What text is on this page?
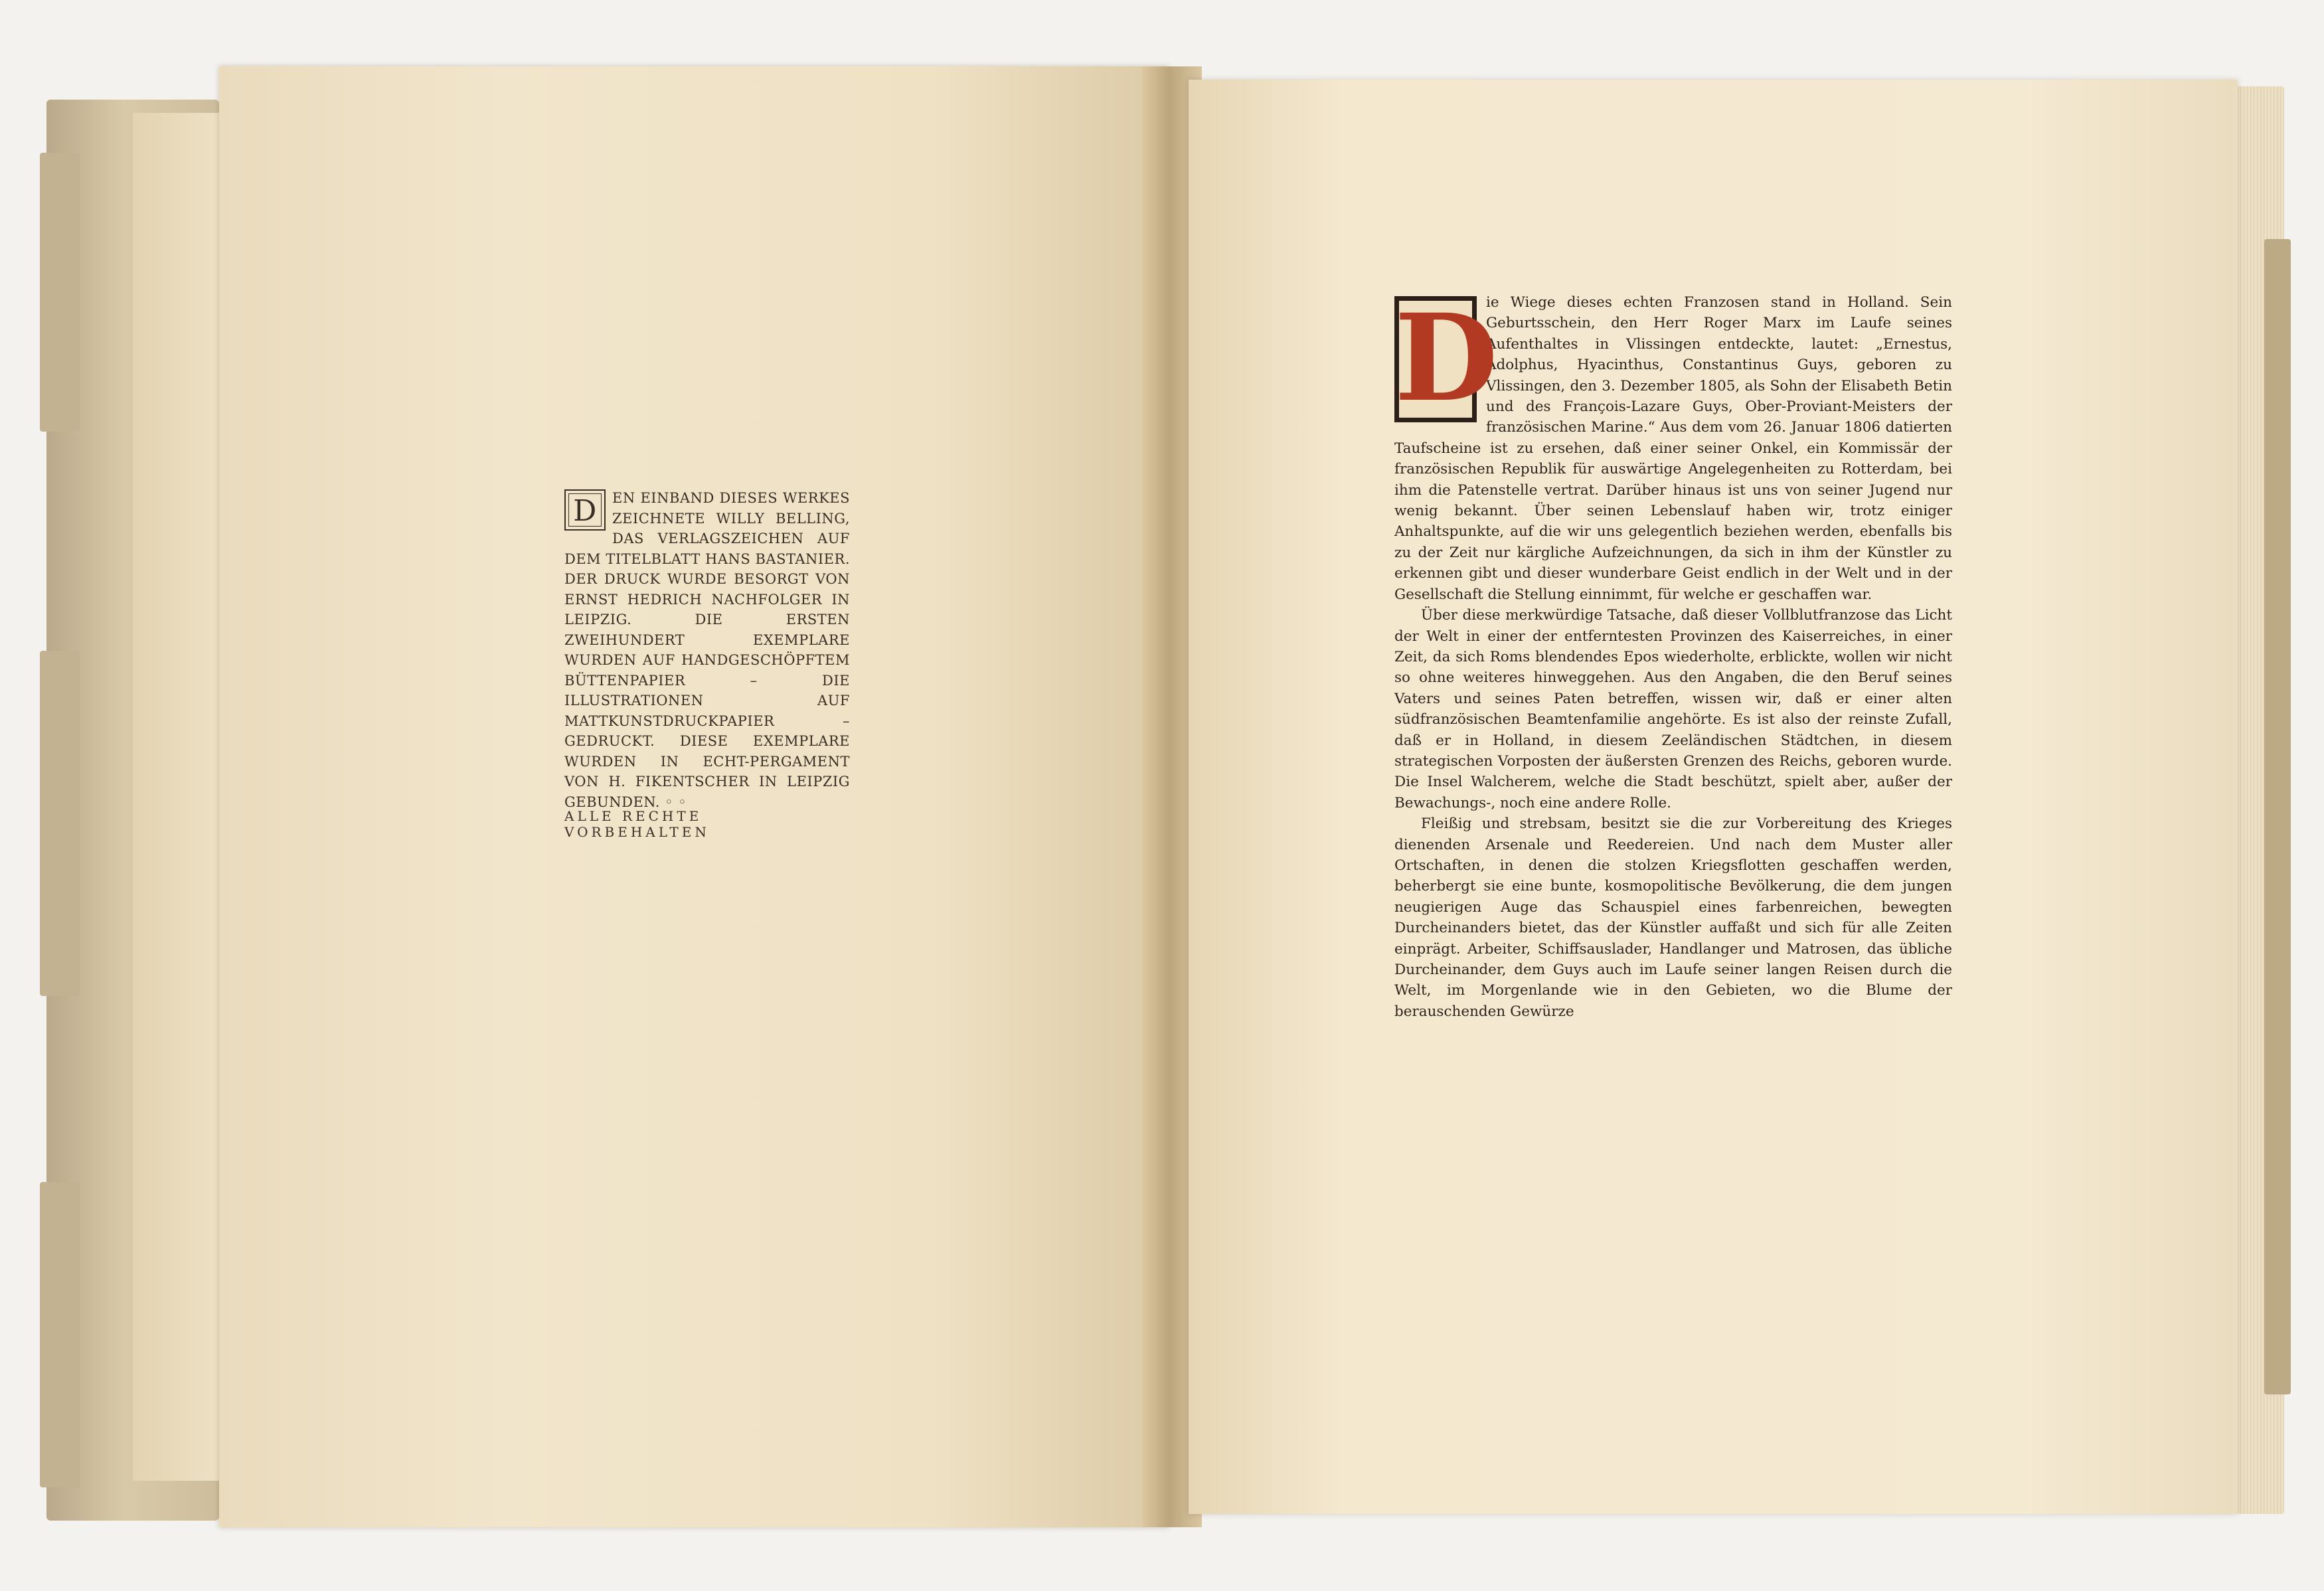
D	EN EINBAND DIESES WERKES ZEICHNETE WILLY BELLING, DAS VERLAGSZEICHEN AUF DEM TITELBLATT HANS BASTANIER. DER DRUCK WURDE BESORGT VON ERNST HEDRICH NACHFOLGER IN LEIPZIG. DIE ERSTEN ZWEIHUNDERT EXEMPLARE WURDEN AUF HANDGESCHÖPFTEM BÜTTENPAPIER – DIE ILLUSTRATIONEN AUF MATTKUNSTDRUCKPAPIER – GEDRUCKT. DIESE EXEMPLARE WURDEN IN ECHT-PERGAMENT VON H. FIKENTSCHER IN LEIPZIG GEBUNDEN. ◦ ◦
ALLE RECHTE VORBEHALTEN
D

ie Wiege dieses echten Franzosen stand in Holland. Sein Geburtsschein, den Herr Roger Marx im Laufe seines Aufenthaltes in Vlissingen entdeckte, lautet: „Ernestus, Adolphus, Hyacinthus, Constantinus Guys, geboren zu Vlissingen, den 3. Dezember 1805, als Sohn der Elisabeth Betin und des François-Lazare Guys, Ober-Proviant-Meisters der französischen Marine.“ Aus dem vom 26. Januar 1806 datierten Taufscheine ist zu ersehen, daß einer seiner Onkel, ein Kommissär der französischen Republik für auswärtige Angelegenheiten zu Rotterdam, bei ihm die Patenstelle vertrat. Darüber hinaus ist uns von seiner Jugend nur wenig bekannt. Über seinen Lebenslauf haben wir, trotz einiger Anhaltspunkte, auf die wir uns gelegentlich beziehen werden, ebenfalls bis zu der Zeit nur kärgliche Aufzeichnungen, da sich in ihm der Künstler zu erkennen gibt und dieser wunderbare Geist endlich in der Welt und in der Gesellschaft die Stellung einnimmt, für welche er geschaffen war.

Über diese merkwürdige Tatsache, daß dieser Vollblutfranzose das Licht der Welt in einer der entferntesten Provinzen des Kaiserreiches, in einer Zeit, da sich Roms blendendes Epos wiederholte, erblickte, wollen wir nicht so ohne weiteres hinweggehen. Aus den Angaben, die den Beruf seines Vaters und seines Paten betreffen, wissen wir, daß er einer alten südfranzösischen Beamtenfamilie angehörte. Es ist also der reinste Zufall, daß er in Holland, in diesem Zeeländischen Städtchen, in diesem strategischen Vorposten der äußersten Grenzen des Reichs, geboren wurde. Die Insel Walcherem, welche die Stadt beschützt, spielt aber, außer der Bewachungs-, noch eine andere Rolle.

Fleißig und strebsam, besitzt sie die zur Vorbereitung des Krieges dienenden Arsenale und Reedereien. Und nach dem Muster aller Ortschaften, in denen die stolzen Kriegsflotten geschaffen werden, beherbergt sie eine bunte, kosmopolitische Bevölkerung, die dem jungen neugierigen Auge das Schauspiel eines farbenreichen, bewegten Durcheinanders bietet, das der Künstler auffaßt und sich für alle Zeiten einprägt. Arbeiter, Schiffsauslader, Handlanger und Matrosen, das übliche Durcheinander, dem Guys auch im Laufe seiner langen Reisen durch die Welt, im Morgenlande wie in den Gebieten, wo die Blume der berauschenden Gewürze
